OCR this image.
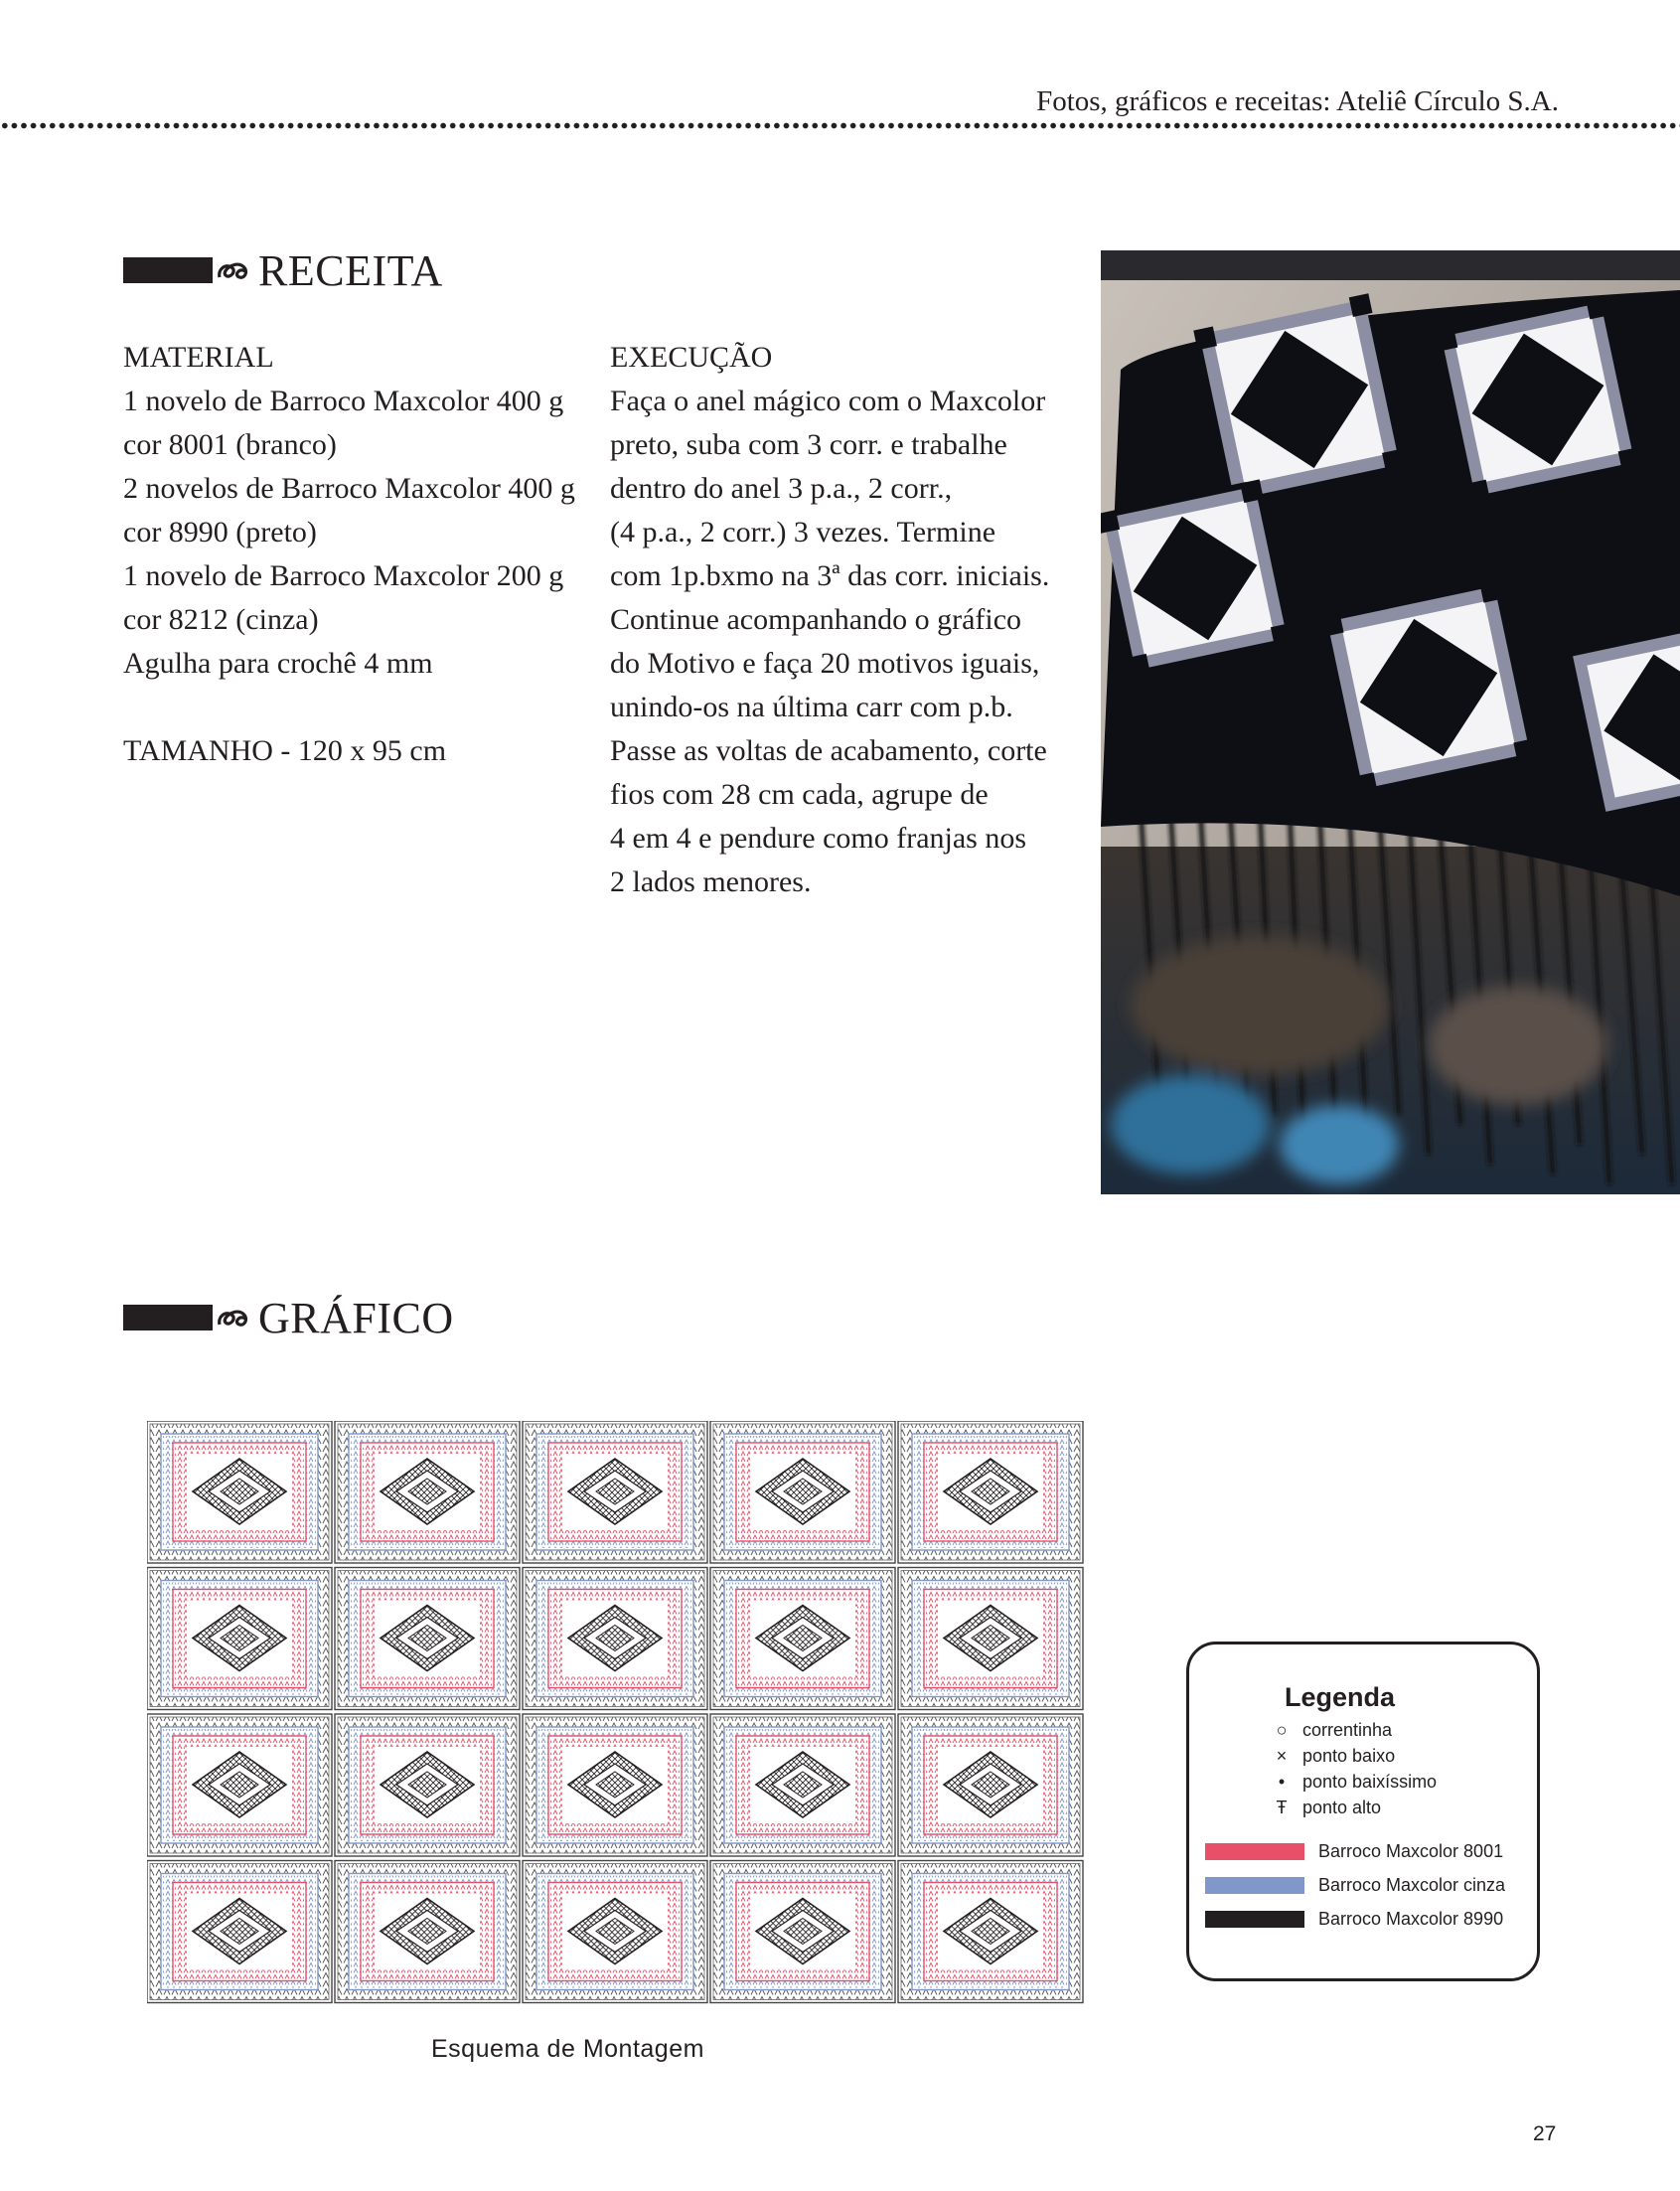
Fotos, gráficos e receitas: Ateliê Círculo S.A.
RECEITA

MATERIAL

1 novelo de Barroco Maxcolor 400 g

cor 8001 (branco)

2 novelos de Barroco Maxcolor 400 g

cor 8990 (preto)

1 novelo de Barroco Maxcolor 200 g

cor 8212 (cinza)

Agulha para crochê 4 mm

TAMANHO - 120 x 95 cm

EXECUÇÃO

Faça o anel mágico com o Maxcolor

preto, suba com 3 corr. e trabalhe

dentro do anel 3 p.a., 2 corr.,

(4 p.a., 2 corr.) 3 vezes. Termine

com 1p.bxmo na 3ª das corr. iniciais.

Continue acompanhando o gráfico

do Motivo e faça 20 motivos iguais,

unindo-os na última carr com p.b.

Passe as voltas de acabamento, corte

fios com 28 cm cada, agrupe de

4 em 4 e pendure como franjas nos

2 lados menores.

GRÁFICO
Esquema de Montagem
Legenda
○ correntinha
× ponto baixo
• ponto baixíssimo
Ŧ ponto alto
Barroco Maxcolor 8001
Barroco Maxcolor cinza
Barroco Maxcolor 8990
27
